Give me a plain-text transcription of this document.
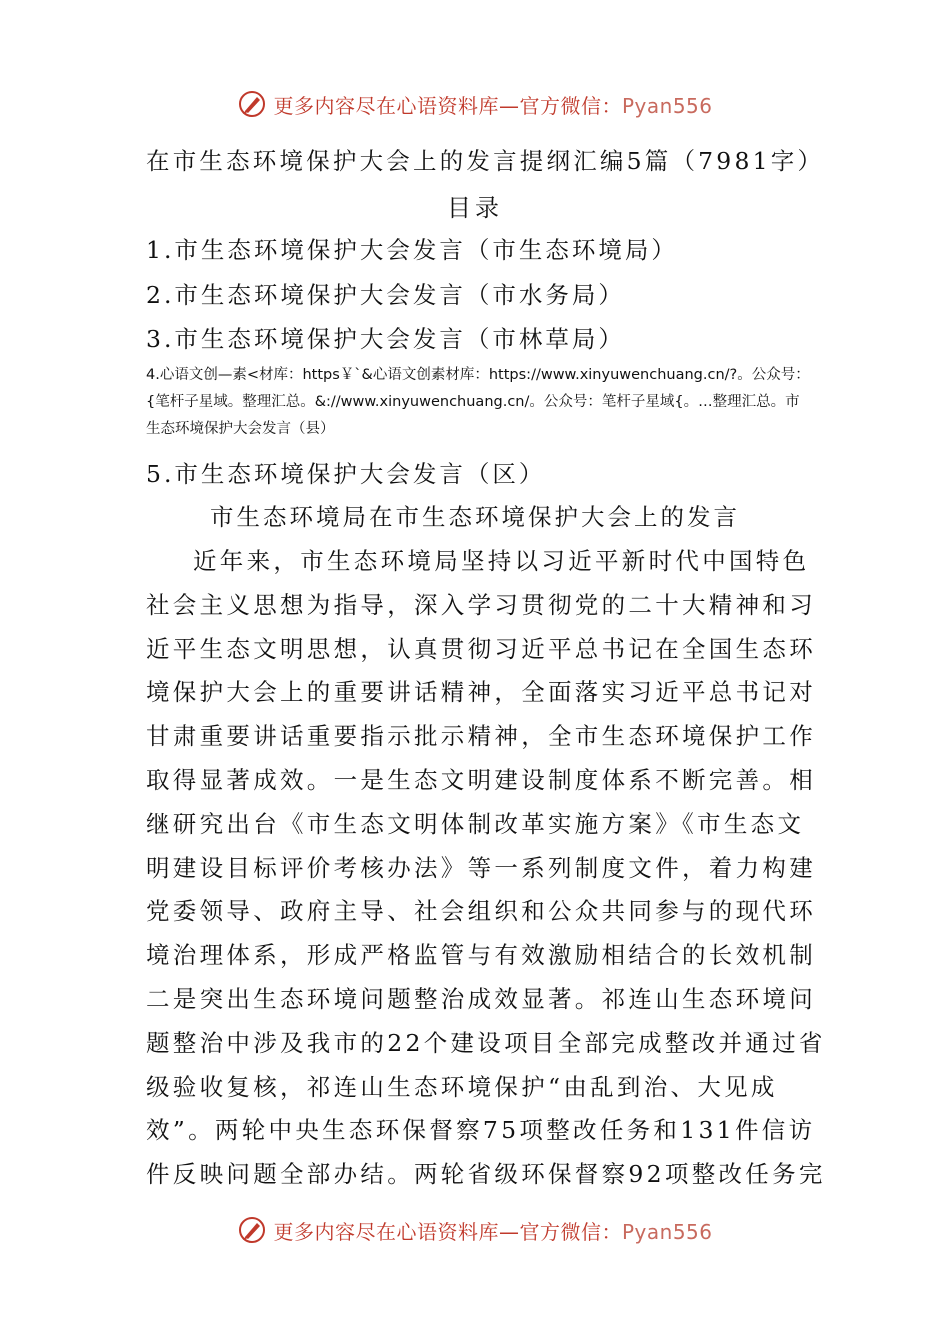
更多内容尽在心语资料库—官方微信：Pyan556
在市生态环境保护大会上的发言提纲汇编5篇（7981字）
目录
1.市生态环境保护大会发言（市生态环境局）
2.市生态环境保护大会发言（市水务局）
3.市生态环境保护大会发言（市林草局）
4.心语文创—素<材库：https￥`&心语文创素材库：https://www.xinyuwenchuang.cn/?。公众号：{笔杆子星域。整理汇总。&://www.xinyuwenchuang.cn/。公众号：笔杆子星域{。…整理汇总。市生态环境保护大会发言（县）
5.市生态环境保护大会发言（区）
市生态环境局在市生态环境保护大会上的发言
近年来，市生态环境局坚持以习近平新时代中国特色
社会主义思想为指导，深入学习贯彻党的二十大精神和习
近平生态文明思想，认真贯彻习近平总书记在全国生态环
境保护大会上的重要讲话精神，全面落实习近平总书记对
甘肃重要讲话重要指示批示精神，全市生态环境保护工作
取得显著成效。一是生态文明建设制度体系不断完善。相
继研究出台《市生态文明体制改革实施方案》《市生态文
明建设目标评价考核办法》等一系列制度文件，着力构建
党委领导、政府主导、社会组织和公众共同参与的现代环
境治理体系，形成严格监管与有效激励相结合的长效机制
二是突出生态环境问题整治成效显著。祁连山生态环境问
题整治中涉及我市的22个建设项目全部完成整改并通过省
级验收复核，祁连山生态环境保护“由乱到治、大见成
效”。两轮中央生态环保督察75项整改任务和131件信访
件反映问题全部办结。两轮省级环保督察92项整改任务完
更多内容尽在心语资料库—官方微信：Pyan556
